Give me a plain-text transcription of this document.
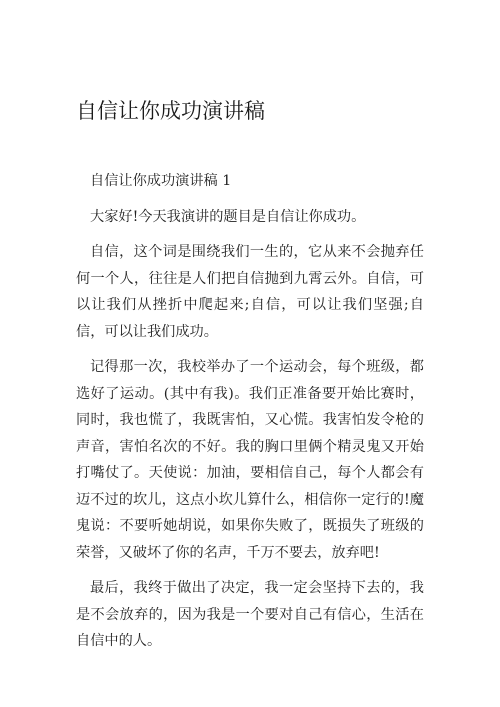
自信让你成功演讲稿

自信让你成功演讲稿 1

大家好!今天我演讲的题目是自信让你成功。

自信，这个词是围绕我们一生的，它从来不会抛弃任何一个人，往往是人们把自信抛到九霄云外。自信，可以让我们从挫折中爬起来;自信，可以让我们坚强;自信，可以让我们成功。

记得那一次，我校举办了一个运动会，每个班级，都选好了运动。(其中有我)。我们正准备要开始比赛时，同时，我也慌了，我既害怕，又心慌。我害怕发令枪的声音，害怕名次的不好。我的胸口里俩个精灵鬼又开始打嘴仗了。天使说：加油，要相信自己，每个人都会有迈不过的坎儿，这点小坎儿算什么，相信你一定行的!魔鬼说：不要听她胡说，如果你失败了，既损失了班级的荣誉，又破坏了你的名声，千万不要去，放弃吧!

最后，我终于做出了决定，我一定会坚持下去的，我是不会放弃的，因为我是一个要对自己有信心，生活在自信中的人。
